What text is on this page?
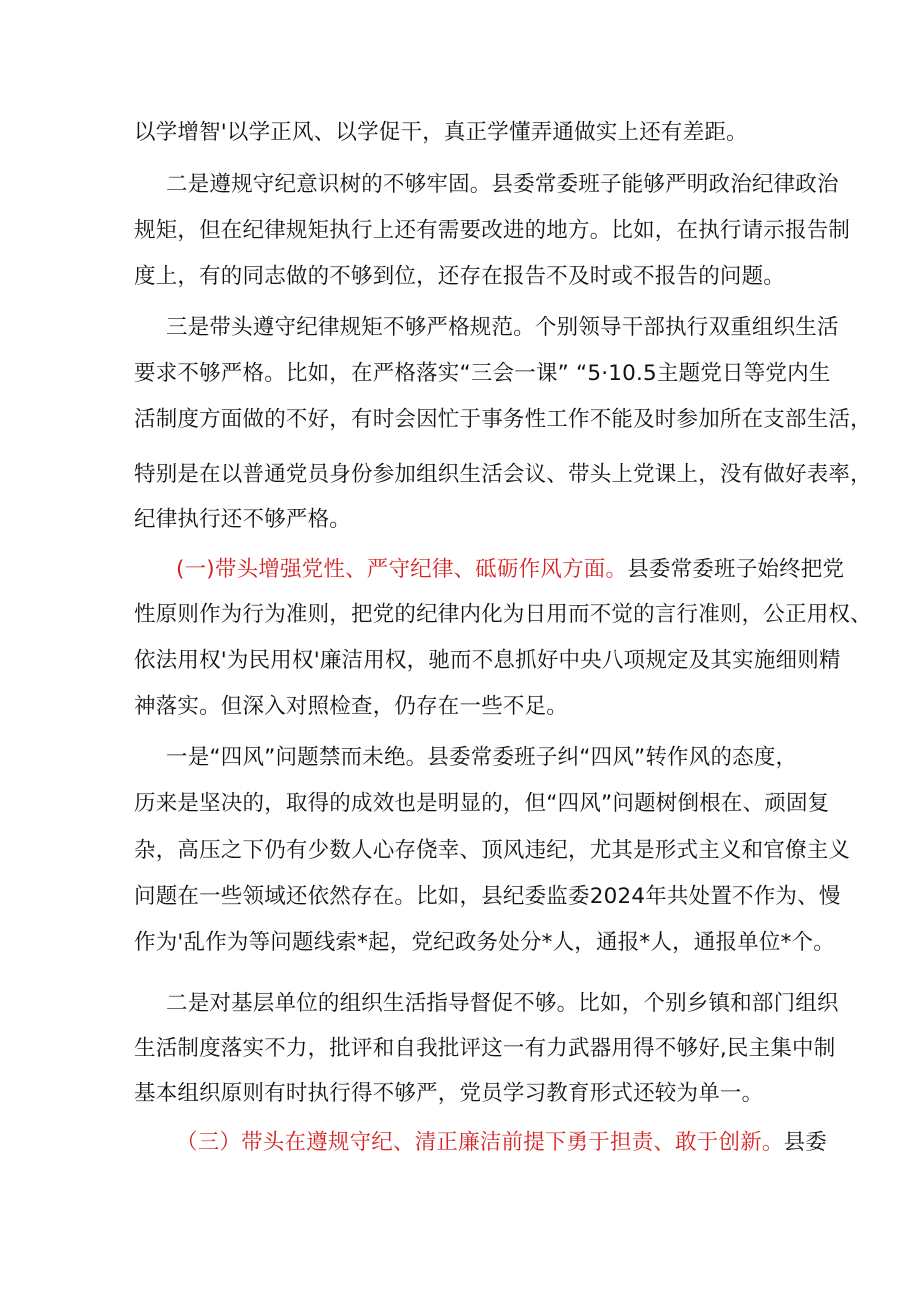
以学增智'以学正风、以学促干，真正学懂弄通做实上还有差距。
二是遵规守纪意识树的不够牢固。县委常委班子能够严明政治纪律政治
规矩，但在纪律规矩执行上还有需要改进的地方。比如，在执行请示报告制
度上，有的同志做的不够到位，还存在报告不及时或不报告的问题。
三是带头遵守纪律规矩不够严格规范。个别领导干部执行双重组织生活
要求不够严格。比如，在严格落实“三会一课” “5·10.5主题党日等党内生
活制度方面做的不好，有时会因忙于事务性工作不能及时参加所在支部生活，
特别是在以普通党员身份参加组织生活会议、带头上党课上，没有做好表率，
纪律执行还不够严格。
(一)带头增强党性、严守纪律、砥砺作风方面。县委常委班子始终把党
性原则作为行为准则，把党的纪律内化为日用而不觉的言行准则，公正用权、
依法用权'为民用权'廉洁用权，驰而不息抓好中央八项规定及其实施细则精
神落实。但深入对照检查，仍存在一些不足。
一是“四风”问题禁而未绝。县委常委班子纠“四风”转作风的态度，
历来是坚决的，取得的成效也是明显的，但“四风”问题树倒根在、顽固复
杂，高压之下仍有少数人心存侥幸、顶风违纪，尤其是形式主义和官僚主义
问题在一些领域还依然存在。比如，县纪委监委2024年共处置不作为、慢
作为'乱作为等问题线索*起，党纪政务处分*人，通报*人，通报单位*个。
二是对基层单位的组织生活指导督促不够。比如，个别乡镇和部门组织
生活制度落实不力，批评和自我批评这一有力武器用得不够好,民主集中制
基本组织原则有时执行得不够严，党员学习教育形式还较为单一。
（三）带头在遵规守纪、清正廉洁前提下勇于担责、敢于创新。县委
